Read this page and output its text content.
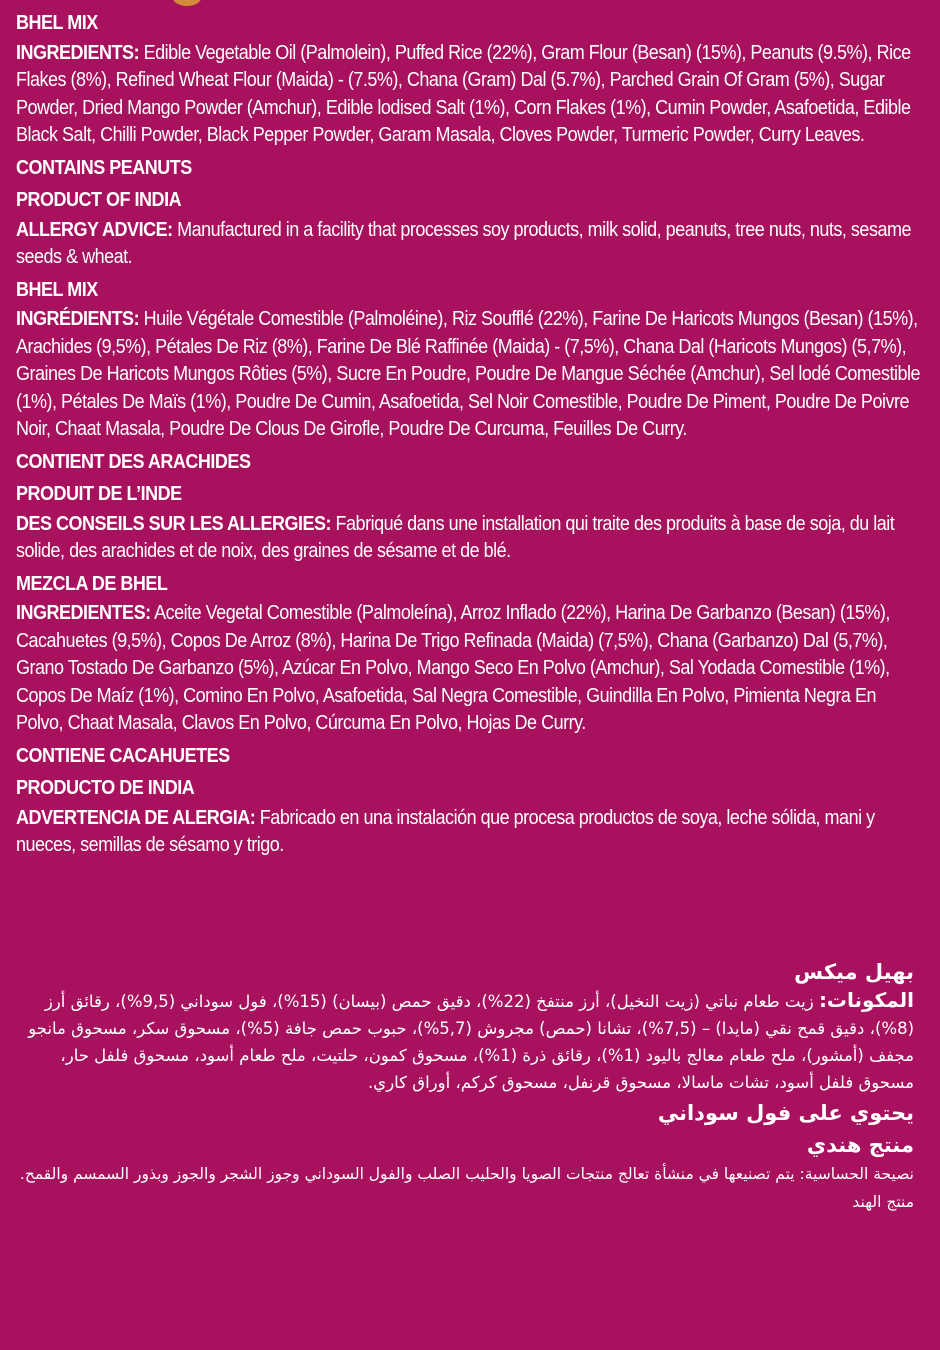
BHEL MIX

INGREDIENTS: Edible Vegetable Oil (Palmolein), Puffed Rice (22%), Gram Flour (Besan) (15%), Peanuts (9.5%), Rice Flakes (8%), Refined Wheat Flour (Maida) - (7.5%), Chana (Gram) Dal (5.7%), Parched Grain Of Gram (5%), Sugar Powder, Dried Mango Powder (Amchur), Edible lodised Salt (1%), Corn Flakes (1%), Cumin Powder, Asafoetida, Edible Black Salt, Chilli Powder, Black Pepper Powder, Garam Masala, Cloves Powder, Turmeric Powder, Curry Leaves.

CONTAINS PEANUTS

PRODUCT OF INDIA

ALLERGY ADVICE: Manufactured in a facility that processes soy products, milk solid, peanuts, tree nuts, nuts, sesame seeds & wheat.

BHEL MIX

INGRÉDIENTS: Huile Végétale Comestible (Palmoléine), Riz Soufflé (22%), Farine De Haricots Mungos (Besan) (15%), Arachides (9,5%), Pétales De Riz (8%), Farine De Blé Raffinée (Maida) - (7,5%), Chana Dal (Haricots Mungos) (5,7%), Graines De Haricots Mungos Rôties (5%), Sucre En Poudre, Poudre De Mangue Séchée (Amchur), Sel lodé Comestible (1%), Pétales De Maïs (1%), Poudre De Cumin, Asafoetida, Sel Noir Comestible, Poudre De Piment, Poudre De Poivre Noir, Chaat Masala, Poudre De Clous De Girofle, Poudre De Curcuma, Feuilles De Curry.

CONTIENT DES ARACHIDES

PRODUIT DE L’INDE

DES CONSEILS SUR LES ALLERGIES: Fabriqué dans une installation qui traite des produits à base de soja, du lait solide, des arachides et de noix, des graines de sésame et de blé.

MEZCLA DE BHEL

INGREDIENTES: Aceite Vegetal Comestible (Palmoleína), Arroz Inflado (22%), Harina De Garbanzo (Besan) (15%), Cacahuetes (9,5%), Copos De Arroz (8%), Harina De Trigo Refinada (Maida) (7,5%), Chana (Garbanzo) Dal (5,7%), Grano Tostado De Garbanzo (5%), Azúcar En Polvo, Mango Seco En Polvo (Amchur), Sal Yodada Comestible (1%), Copos De Maíz (1%), Comino En Polvo, Asafoetida, Sal Negra Comestible, Guindilla En Polvo, Pimienta Negra En Polvo, Chaat Masala, Clavos En Polvo, Cúrcuma En Polvo, Hojas De Curry.

CONTIENE CACAHUETES

PRODUCTO DE INDIA

ADVERTENCIA DE ALERGIA: Fabricado en una instalación que procesa productos de soya, leche sólida, mani y nueces, semillas de sésamo y trigo.

بهيل ميكس

المكونات: زيت طعام نباتي (زيت النخيل)، أرز منتفخ (22%)، دقيق حمص (بيسان) (15%)، فول سوداني (9,5%)، رقائق أرز (8%)، دقيق قمح نقي (مايدا) – (7,5%)، تشانا (حمص) مجروش (5,7%)، حبوب حمص جافة (5%)، مسحوق سكر، مسحوق مانجو مجفف (أمشور)، ملح طعام معالج باليود (1%)، رقائق ذرة (1%)، مسحوق كمون، حلتيت، ملح طعام أسود، مسحوق فلفل حار، مسحوق فلفل أسود، تشات ماسالا، مسحوق قرنفل، مسحوق كركم، أوراق كاري.

يحتوي على فول سوداني

منتج هندي

نصيحة الحساسية: يتم تصنيعها في منشأة تعالج منتجات الصويا والحليب الصلب والفول السوداني وجوز الشجر والجوز وبذور السمسم والقمح.

منتج الهند
